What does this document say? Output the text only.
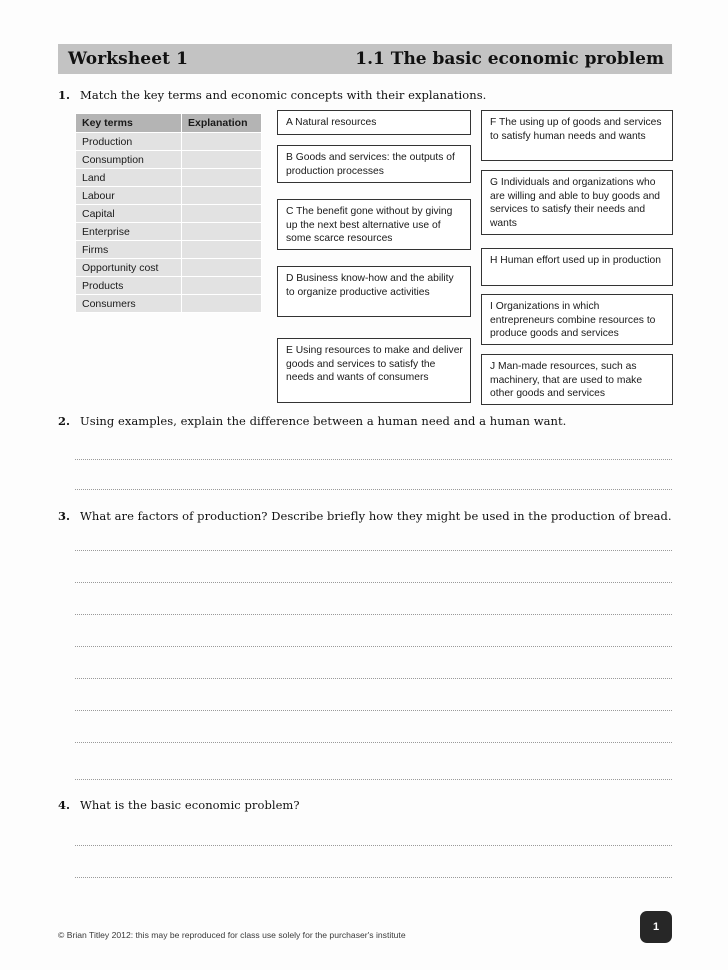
Worksheet 1	1.1 The basic economic problem
1. Match the key terms and economic concepts with their explanations.
Key terms	Explanation
Production	
Consumption	
Land	
Labour	
Capital	
Enterprise	
Firms	
Opportunity cost	
Products	
Consumers	
A Natural resources
B Goods and services: the outputs of production processes
C The benefit gone without by giving up the next best alternative use of some scarce resources
D Business know-how and the ability to organize productive activities
E Using resources to make and deliver goods and services to satisfy the needs and wants of consumers
F The using up of goods and services to satisfy human needs and wants
G Individuals and organizations who are willing and able to buy goods and services to satisfy their needs and wants
H Human effort used up in production
I Organizations in which entrepreneurs combine resources to produce goods and services
J Man-made resources, such as machinery, that are used to make other goods and services
2. Using examples, explain the difference between a human need and a human want.
3. What are factors of production? Describe briefly how they might be used in the production of bread.
4. What is the basic economic problem?
© Brian Titley 2012: this may be reproduced for class use solely for the purchaser's institute
1
